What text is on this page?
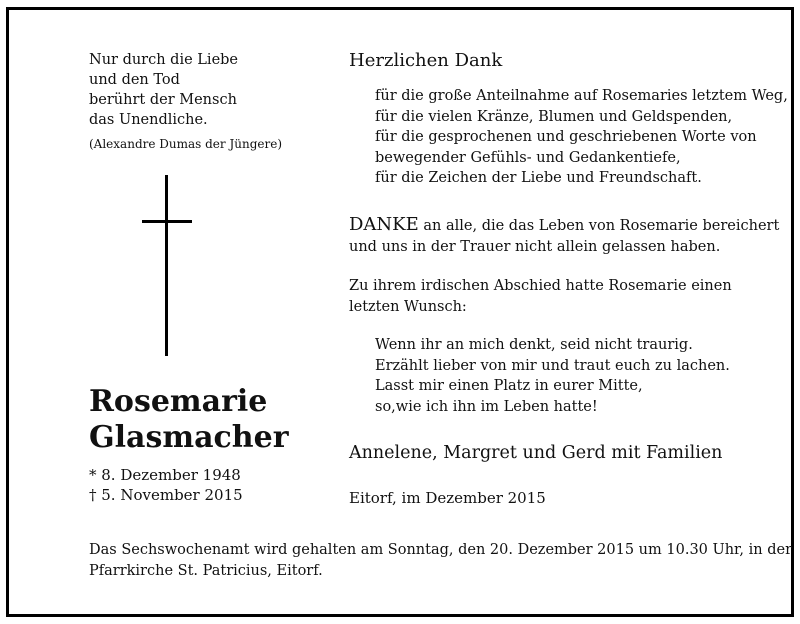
Nur durch die Liebe
und den Tod
berührt der Mensch
das Unendliche.
(Alexandre Dumas der Jüngere)
Rosemarie
Glasmacher
* 8. Dezember 1948
† 5. November 2015
Herzlichen Dank
für die große Anteilnahme auf Rosemaries letztem Weg,
für die vielen Kränze, Blumen und Geldspenden,
für die gesprochenen und geschriebenen Worte von
bewegender Gefühls- und Gedankentiefe,
für die Zeichen der Liebe und Freundschaft.
DANKE an alle, die das Leben von Rosemarie bereichert
und uns in der Trauer nicht allein gelassen haben.
Zu ihrem irdischen Abschied hatte Rosemarie einen
letzten Wunsch:
Wenn ihr an mich denkt, seid nicht traurig.
Erzählt lieber von mir und traut euch zu lachen.
Lasst mir einen Platz in eurer Mitte,
so,wie ich ihn im Leben hatte!
Annelene, Margret und Gerd mit Familien
Eitorf, im Dezember 2015
Das Sechswochenamt wird gehalten am Sonntag, den 20. Dezember 2015 um 10.30 Uhr, in der
Pfarrkirche St. Patricius, Eitorf.
